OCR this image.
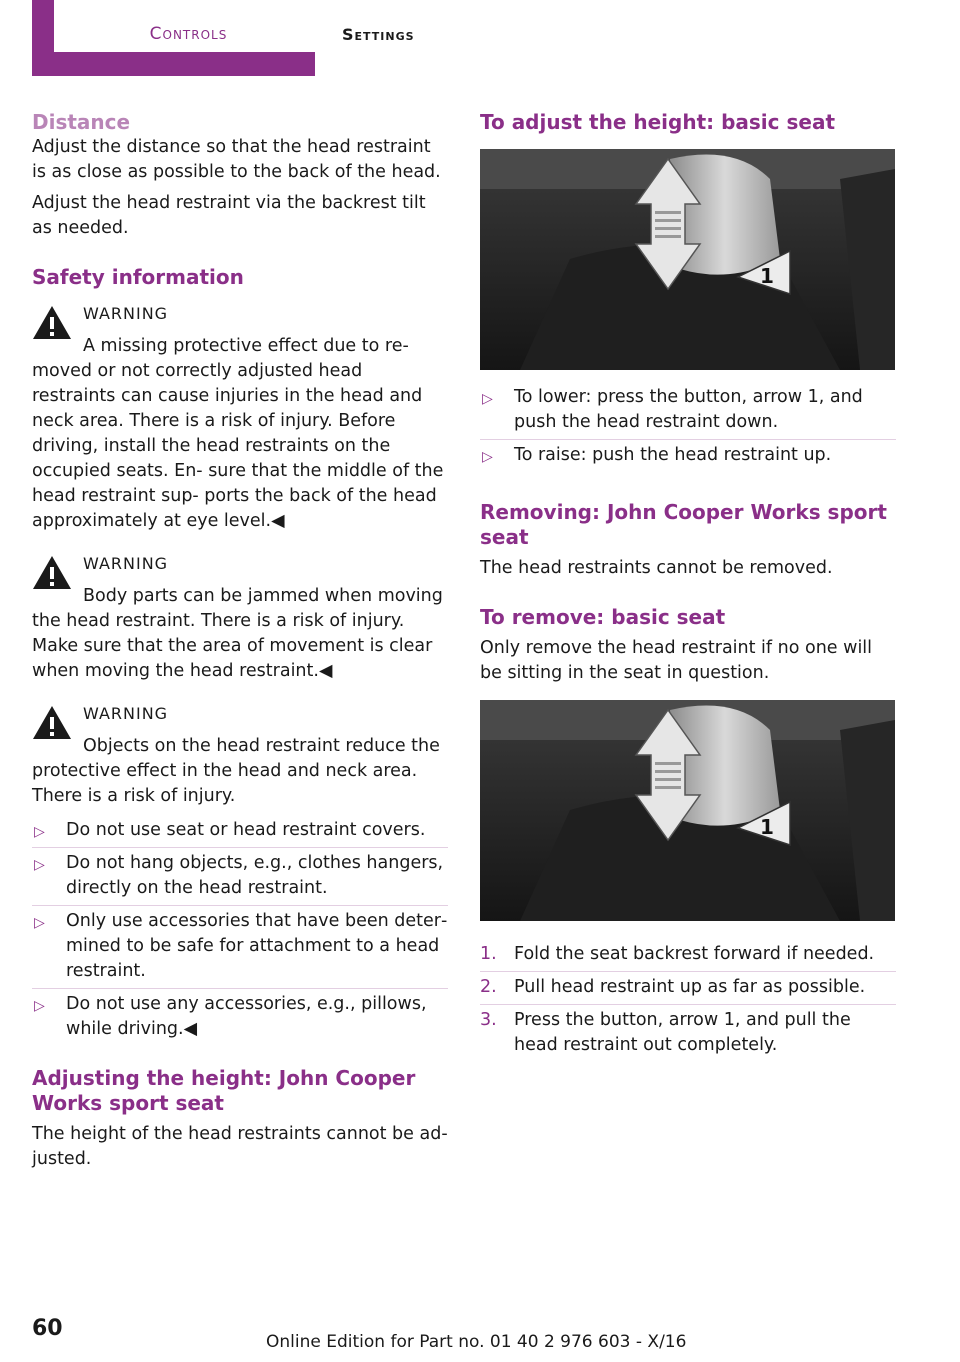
Controls	Settings
Distance

Adjust the distance so that the head restraint is as close as possible to the back of the head.

Adjust the head restraint via the backrest tilt as needed.

Safety information
WARNING
A missing protective effect due to re‐

moved or not correctly adjusted head restraints can cause injuries in the head and neck area. There is a risk of injury. Before driving, install the head restraints on the occupied seats. En‐ sure that the middle of the head restraint sup‐ ports the back of the head approximately at eye level.◀

WARNING
Body parts can be jammed when moving

the head restraint. There is a risk of injury. Make sure that the area of movement is clear when moving the head restraint.◀

WARNING
Objects on the head restraint reduce the

protective effect in the head and neck area. There is a risk of injury.

▷ Do not use seat or head restraint covers.
▷ Do not hang objects, e.g., clothes hangers, directly on the head restraint.
▷ Only use accessories that have been deter‐ mined to be safe for attachment to a head restraint.
▷ Do not use any accessories, e.g., pillows, while driving.◀
Adjusting the height: John Cooper Works sport seat

The height of the head restraints cannot be ad‐ justed.

To adjust the height: basic seat
1
▷ To lower: press the button, arrow 1, and push the head restraint down.
▷ To raise: push the head restraint up.
Removing: John Cooper Works sport seat

The head restraints cannot be removed.

To remove: basic seat

Only remove the head restraint if no one will be sitting in the seat in question.

1
1. Fold the seat backrest forward if needed.
2. Pull head restraint up as far as possible.
3. Press the button, arrow 1, and pull the head restraint out completely.
60
Online Edition for Part no. 01 40 2 976 603 - X/16
